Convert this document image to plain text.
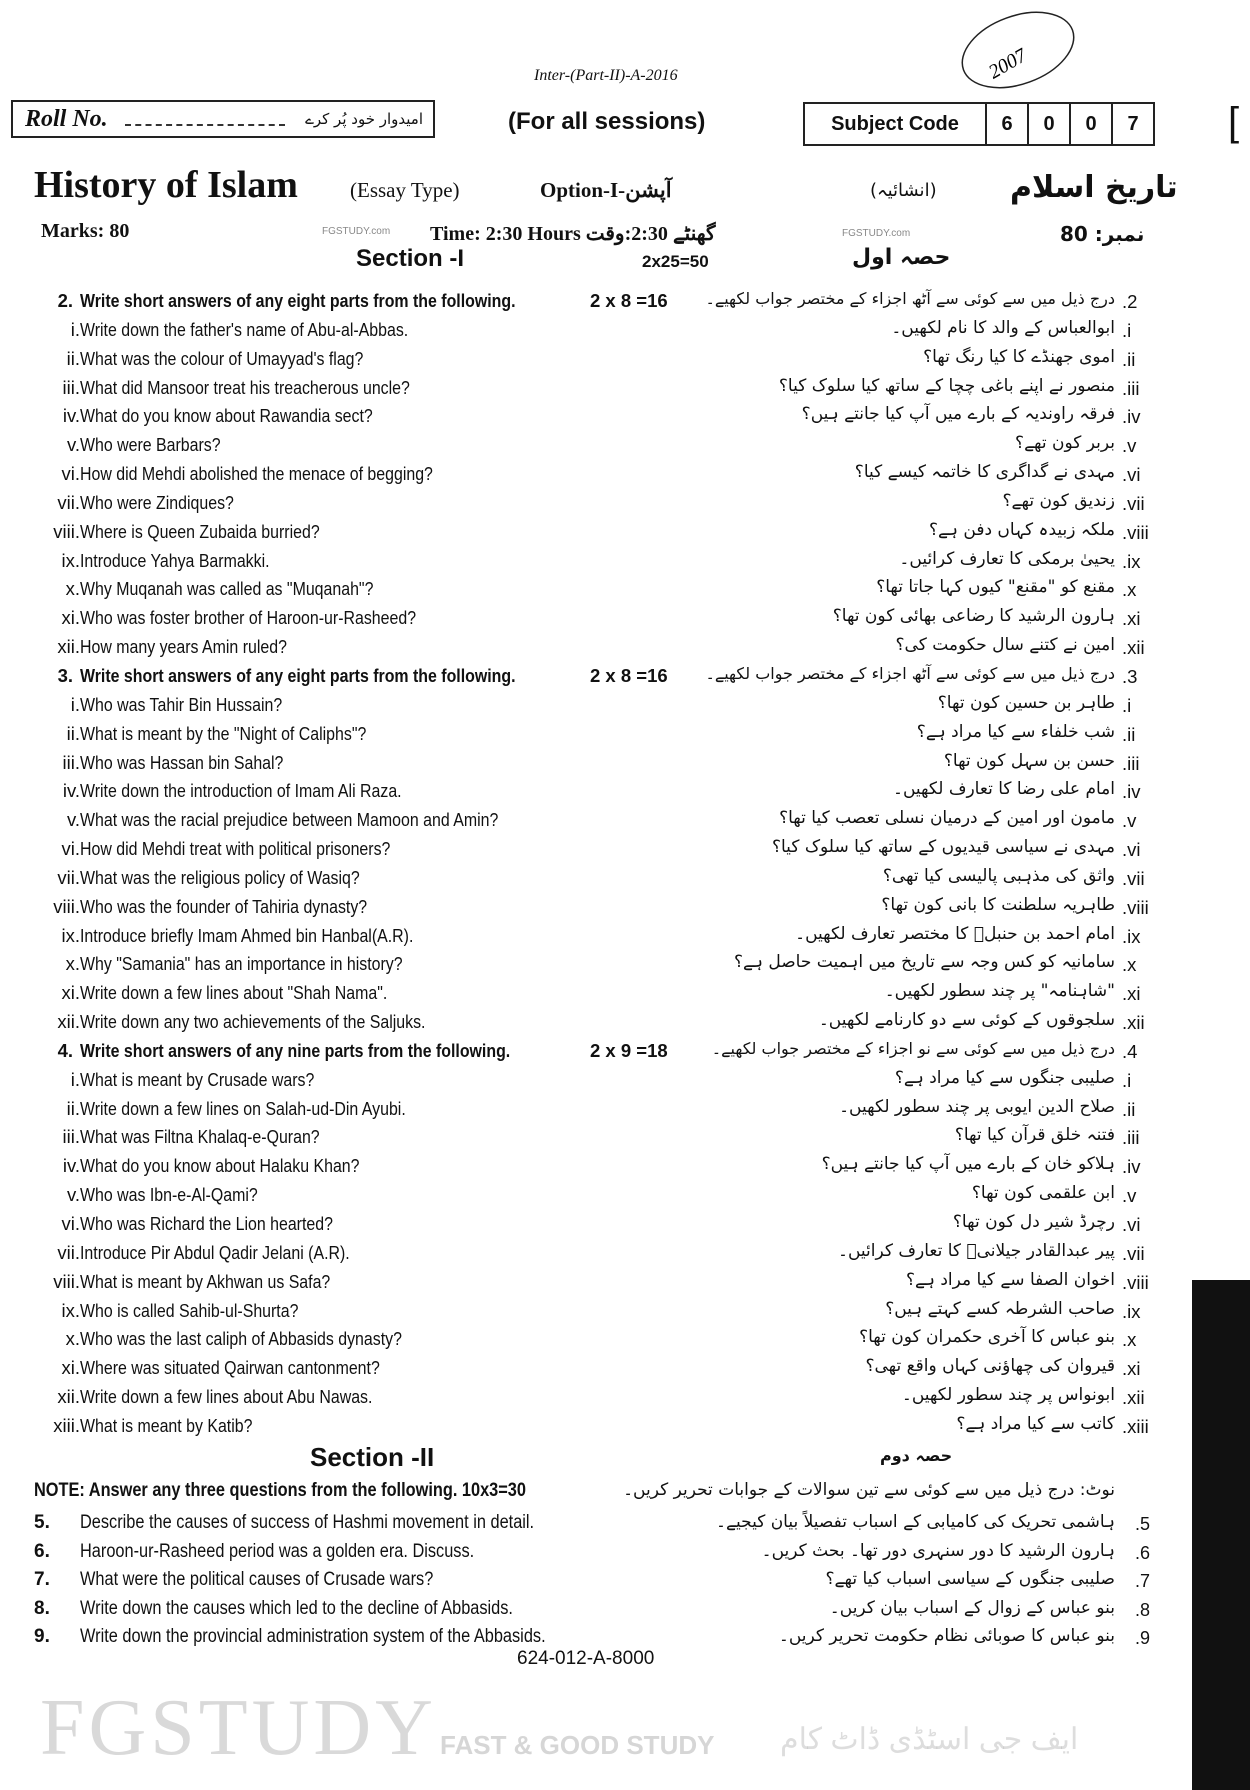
2007
Inter-(Part-II)-A-2016
[
Roll No.	امیدوار خود پُر کرے	(For all sessions)	Subject Code	6	0	0	7
History of Islam (Essay Type)	Option-I-آپشن	(انشائیہ) تاریخ اسلام
Marks: 80	FGSTUDY.com Time: 2:30 Hours گھنٹے 2:30:وقت	FGSTUDY.com	نمبر: 80
Section -I	2x25=50	حصہ اول
2. Write short answers of any eight parts from the following.	2 x 8 =16 درج ذیل میں سے کوئی سے آٹھ اجزاء کے مختصر جواب لکھیے۔ .2
i. Write down the father's name of Abu-al-Abbas.	ابوالعباس کے والد کا نام لکھیں۔ .i
ii. What was the colour of Umayyad's flag?	اموی جھنڈے کا کیا رنگ تھا؟ .ii
iii. What did Mansoor treat his treacherous uncle?	منصور نے اپنے باغی چچا کے ساتھ کیا سلوک کیا؟ .iii
iv. What do you know about Rawandia sect?	فرقہ راوندیہ کے بارے میں آپ کیا جانتے ہیں؟ .iv
v. Who were Barbars?	بربر کون تھے؟ .v
vi. How did Mehdi abolished the menace of begging?	مہدی نے گداگری کا خاتمہ کیسے کیا؟ .vi
vii. Who were Zindiques?	زندیق کون تھے؟ .vii
viii. Where is Queen Zubaida burried?	ملکہ زبیدہ کہاں دفن ہے؟ .viii
ix. Introduce Yahya Barmakki.	یحییٰ برمکی کا تعارف کرائیں۔ .ix
x. Why Muqanah was called as "Muqanah"?	مقنع کو "مقنع" کیوں کہا جاتا تھا؟ .x
xi. Who was foster brother of Haroon-ur-Rasheed?	ہارون الرشید کا رضاعی بھائی کون تھا؟ .xi
xii. How many years Amin ruled?	امین نے کتنے سال حکومت کی؟ .xii
3. Write short answers of any eight parts from the following.	2 x 8 =16 درج ذیل میں سے کوئی سے آٹھ اجزاء کے مختصر جواب لکھیے۔ .3
i. Who was Tahir Bin Hussain?	طاہر بن حسین کون تھا؟ .i
ii. What is meant by the "Night of Caliphs"?	شب خلفاء سے کیا مراد ہے؟ .ii
iii. Who was Hassan bin Sahal?	حسن بن سہل کون تھا؟ .iii
iv. Write down the introduction of Imam Ali Raza.	امام علی رضا کا تعارف لکھیں۔ .iv
v. What was the racial prejudice between Mamoon and Amin?	مامون اور امین کے درمیان نسلی تعصب کیا تھا؟ .v
vi. How did Mehdi treat with political prisoners?	مہدی نے سیاسی قیدیوں کے ساتھ کیا سلوک کیا؟ .vi
vii. What was the religious policy of Wasiq?	واثق کی مذہبی پالیسی کیا تھی؟ .vii
viii. Who was the founder of Tahiria dynasty?	طاہریہ سلطنت کا بانی کون تھا؟ .viii
ix. Introduce briefly Imam Ahmed bin Hanbal(A.R).	امام احمد بن حنبلؒ کا مختصر تعارف لکھیں۔ .ix
x. Why "Samania" has an importance in history?	سامانیہ کو کس وجہ سے تاریخ میں اہمیت حاصل ہے؟ .x
xi. Write down a few lines about "Shah Nama".	"شاہنامہ" پر چند سطور لکھیں۔ .xi
xii. Write down any two achievements of the Saljuks.	سلجوقوں کے کوئی سے دو کارنامے لکھیں۔ .xii
4. Write short answers of any nine parts from the following.	2 x 9 =18	درج ذیل میں سے کوئی سے نو اجزاء کے مختصر جواب لکھیے۔ .4
i. What is meant by Crusade wars?	صلیبی جنگوں سے کیا مراد ہے؟ .i
ii. Write down a few lines on Salah-ud-Din Ayubi.	صلاح الدین ایوبی پر چند سطور لکھیں۔ .ii
iii. What was Filtna Khalaq-e-Quran?	فتنہ خلق قرآن کیا تھا؟ .iii
iv. What do you know about Halaku Khan?	ہلاکو خان کے بارے میں آپ کیا جانتے ہیں؟ .iv
v. Who was Ibn-e-Al-Qami?	ابن علقمی کون تھا؟ .v
vi. Who was Richard the Lion hearted?	رچرڈ شیر دل کون تھا؟ .vi
vii. Introduce Pir Abdul Qadir Jelani (A.R).	پیر عبدالقادر جیلانیؒ کا تعارف کرائیں۔ .vii
viii. What is meant by Akhwan us Safa?	اخوان الصفا سے کیا مراد ہے؟ .viii
ix. Who is called Sahib-ul-Shurta?	صاحب الشرطہ کسے کہتے ہیں؟ .ix
x. Who was the last caliph of Abbasids dynasty?	بنو عباس کا آخری حکمران کون تھا؟ .x
xi. Where was situated Qairwan cantonment?	قیروان کی چھاؤنی کہاں واقع تھی؟ .xi
xii. Write down a few lines about Abu Nawas.	ابونواس پر چند سطور لکھیں۔ .xii
xiii. What is meant by Katib?	کاتب سے کیا مراد ہے؟ .xiii
Section -II	حصہ دوم
NOTE: Answer any three questions from the following. 10x3=30	نوٹ: درج ذیل میں سے کوئی سے تین سوالات کے جوابات تحریر کریں۔
5. Describe the causes of success of Hashmi movement in detail.	ہاشمی تحریک کی کامیابی کے اسباب تفصیلاً بیان کیجیے۔ .5
6. Haroon-ur-Rasheed period was a golden era. Discuss.	ہارون الرشید کا دور سنہری دور تھا۔ بحث کریں۔ .6
7. What were the political causes of Crusade wars?	صلیبی جنگوں کے سیاسی اسباب کیا تھے؟ .7
8. Write down the causes which led to the decline of Abbasids.	بنو عباس کے زوال کے اسباب بیان کریں۔ .8
9. Write down the provincial administration system of the Abbasids.	بنو عباس کا صوبائی نظام حکومت تحریر کریں۔ .9
624-012-A-8000
FGSTUDY FAST & GOOD STUDY ایف جی اسٹڈی ڈاٹ کام
